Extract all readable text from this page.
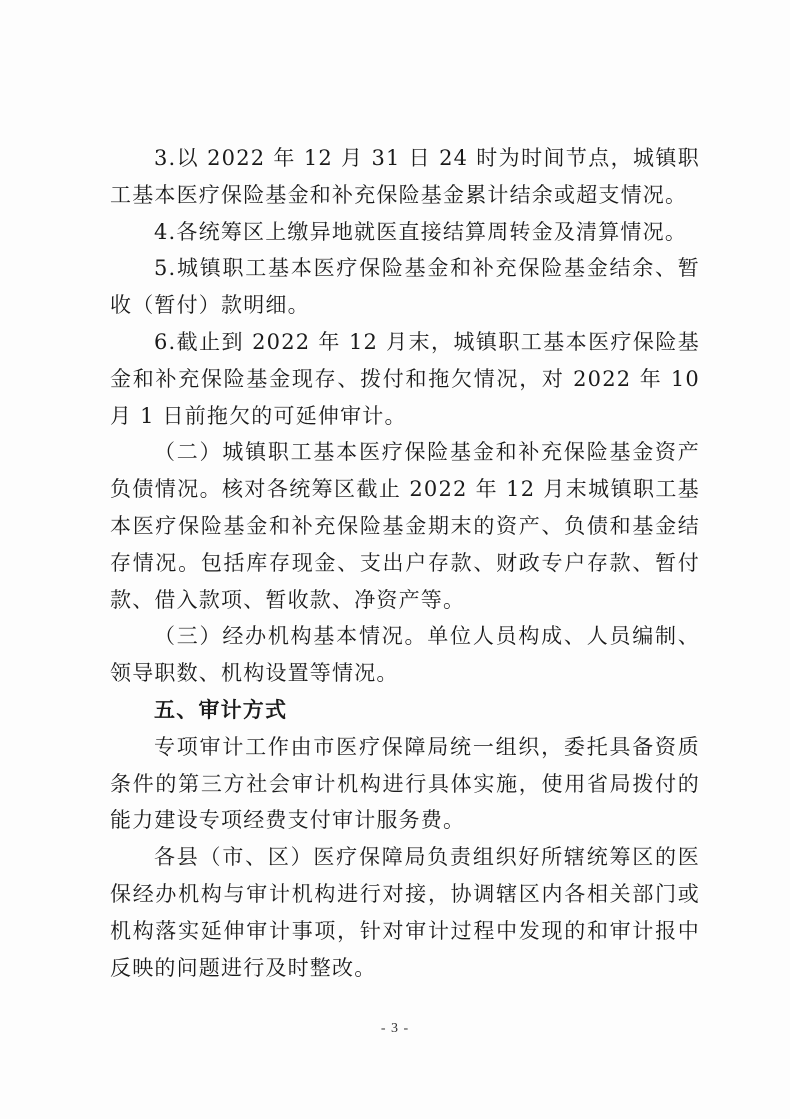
3.以 2022 年 12 月 31 日 24 时为时间节点，城镇职工基本医疗保险基金和补充保险基金累计结余或超支情况。

4.各统筹区上缴异地就医直接结算周转金及清算情况。

5.城镇职工基本医疗保险基金和补充保险基金结余、暂收（暂付）款明细。

6.截止到 2022 年 12 月末，城镇职工基本医疗保险基金和补充保险基金现存、拨付和拖欠情况，对 2022 年 10 月 1 日前拖欠的可延伸审计。

（二）城镇职工基本医疗保险基金和补充保险基金资产负债情况。核对各统筹区截止 2022 年 12 月末城镇职工基本医疗保险基金和补充保险基金期末的资产、负债和基金结存情况。包括库存现金、支出户存款、财政专户存款、暂付款、借入款项、暂收款、净资产等。

（三）经办机构基本情况。单位人员构成、人员编制、领导职数、机构设置等情况。

五、审计方式

专项审计工作由市医疗保障局统一组织，委托具备资质条件的第三方社会审计机构进行具体实施，使用省局拨付的能力建设专项经费支付审计服务费。

各县（市、区）医疗保障局负责组织好所辖统筹区的医保经办机构与审计机构进行对接，协调辖区内各相关部门或机构落实延伸审计事项，针对审计过程中发现的和审计报中反映的问题进行及时整改。

- 3 -
